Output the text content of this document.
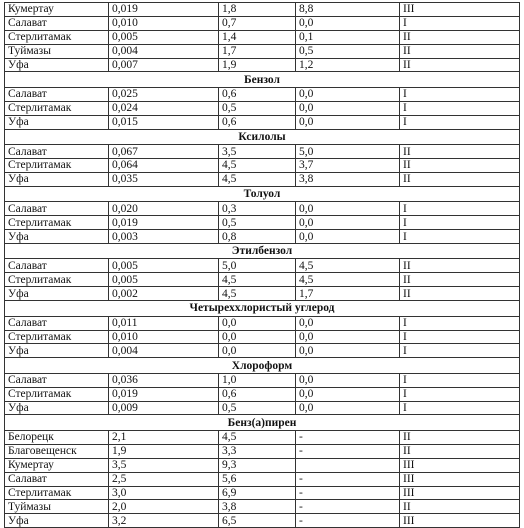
Кумертау	0,019	1,8	8,8	III
Салават	0,010	0,7	0,0	I
Стерлитамак	0,005	1,4	0,1	II
Туймазы	0,004	1,7	0,5	II
Уфа	0,007	1,9	1,2	II
Бензол				
Салават	0,025	0,6	0,0	I
Стерлитамак	0,024	0,5	0,0	I
Уфа	0,015	0,6	0,0	I
Ксилолы				
Салават	0,067	3,5	5,0	II
Стерлитамак	0,064	4,5	3,7	II
Уфа	0,035	4,5	3,8	II
Толуол				
Салават	0,020	0,3	0,0	I
Стерлитамак	0,019	0,5	0,0	I
Уфа	0,003	0,8	0,0	I
Этилбензол				
Салават	0,005	5,0	4,5	II
Стерлитамак	0,005	4,5	4,5	II
Уфа	0,002	4,5	1,7	II
Четыреххлористый углерод				
Салават	0,011	0,0	0,0	I
Стерлитамак	0,010	0,0	0,0	I
Уфа	0,004	0,0	0,0	I
Хлороформ				
Салават	0,036	1,0	0,0	I
Стерлитамак	0,019	0,6	0,0	I
Уфа	0,009	0,5	0,0	I
Бенз(а)пирен				
Белорецк	2,1	4,5	-	II
Благовещенск	1,9	3,3	-	II
Кумертау	3,5	9,3		III
Салават	2,5	5,6	-	III
Стерлитамак	3,0	6,9	-	III
Туймазы	2,0	3,8	-	II
Уфа	3,2	6,5	-	III
